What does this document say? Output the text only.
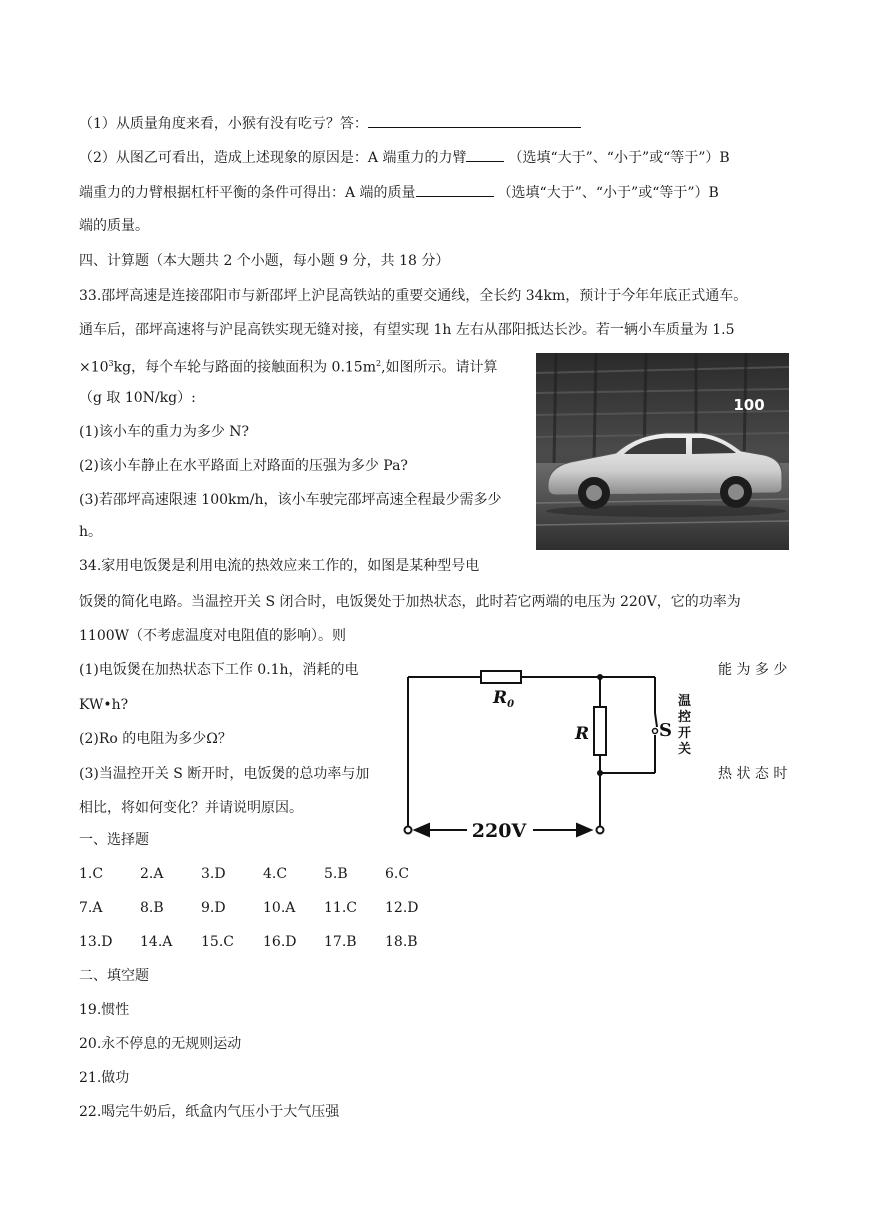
（1）从质量角度来看，小猴有没有吃亏？答：
（2）从图乙可看出，造成上述现象的原因是：A 端重力的力臂	（选填“大于”、“小于”或“等于”）B
端重力的力臂根据杠杆平衡的条件可得出：A 端的质量	（选填“大于”、“小于”或“等于”）B
端的质量。
四、计算题（本大题共 2 个小题，每小题 9 分，共 18 分）
33.邵坪高速是连接邵阳市与新邵坪上沪昆高铁站的重要交通线，全长约 34km，预计于今年年底正式通车。
通车后，邵坪高速将与沪昆高铁实现无缝对接，有望实现 1h 左右从邵阳抵达长沙。若一辆小车质量为 1.5
$\times 10^3kg$，每个车轮与路面的接触面积为 $0.15m^2$,如图所示。请计算
（g 取 10N/kg）:
(1)该小车的重力为多少 N?
(2)该小车静止在水平路面上对路面的压强为多少 Pa?
(3)若邵坪高速限速 100km/h，该小车驶完邵坪高速全程最少需多少
h。
100
34.家用电饭煲是利用电流的热效应来工作的，如图是某种型号电
饭煲的简化电路。当温控开关 S 闭合时，电饭煲处于加热状态，此时若它两端的电压为 220V，它的功率为
1100W（不考虑温度对电阻值的影响）。则
(1)电饭煲在加热状态下工作 0.1h，消耗的电	能 为 多 少
KW•h?
(2)Ro 的电阻为多少Ω？
(3)当温控开关 S 断开时，电饭煲的总功率与加	热 状 态 时
相比，将如何变化？并请说明原因。
220V
$R_0$
R	S
温
控
开
关
一、选择题
1.C	2.A	3.D	4.C	5.B	6.C
7.A	8.B	9.D	10.A 11.C 12.D
13.D 14.A 15.C 16.D 17.B 18.B
二、填空题
19.惯性
20.永不停息的无规则运动
21.做功
22.喝完牛奶后，纸盒内气压小于大气压强
